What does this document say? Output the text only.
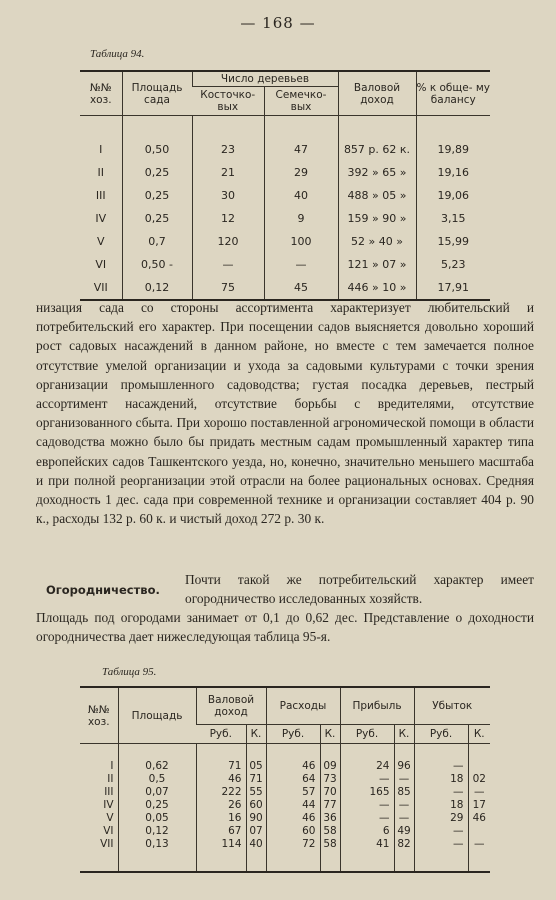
— 168 —
Таблица 94.
№№ хоз.	Площадь сада	Число деревьев		Валовой доход	% к обще- му балансу
		Косточко- вых	Семечко- вых		

I	0,50	23	47	857 р. 62 к.	19,89
II	0,25	21	29	392 » 65 »	19,16
III	0,25	30	40	488 » 05 »	19,06
IV	0,25	12	9	159 » 90 »	3,15
V	0,7	120	100	52 » 40 »	15,99
VI	0,50 -	—	—	121 » 07 »	5,23
VII	0,12	75	45	446 » 10 »	17,91

низация сада со стороны ассортимента характеризует любительский и потребительский его характер. При посещении садов выясняется довольно хороший рост садовых насаждений в данном районе, но вместе с тем замечается полное отсутствие умелой организации и ухода за садовыми культурами с точки зрения организации промышленного садоводства; густая посадка деревьев, пестрый ассортимент насаждений, отсутствие борьбы с вредителями, отсутствие организованного сбыта. При хорошо поставленной агрономической помощи в области садоводства можно было бы придать местным садам промышленный характер типа европейских садов Ташкентского уезда, но, конечно, значительно меньшего масштаба и при полной реорганизации этой отрасли на более рациональных основах. Средняя доходность 1 дес. сада при современной технике и организации составляет 404 р. 90 к., расходы 132 р. 60 к. и чистый доход 272 р. 30 к.

Огородничество.
Почти такой же потребительский характер имеет огородничество исследованных хозяйств.
Площадь под огородами занимает от 0,1 до 0,62 дес. Представление о доходности огородничества дает нижеследующая таблица 95-я.
Таблица 95.
№№ хоз.	Площадь	Валовой доход		Расходы		Прибыль		Убыток	
		Руб.	К.	Руб.	К.	Руб.	К.	Руб.	К.

I	0,62	71	05	46	09	24	96	—	
II	0,5	46	71	64	73	—	—	18	02
III	0,07	222	55	57	70	165	85	—	—
IV	0,25	26	60	44	77	—	—	18	17
V	0,05	16	90	46	36	—	—	29	46
VI	0,12	67	07	60	58	6	49	—	
VII	0,13	114	40	72	58	41	82	—	—
